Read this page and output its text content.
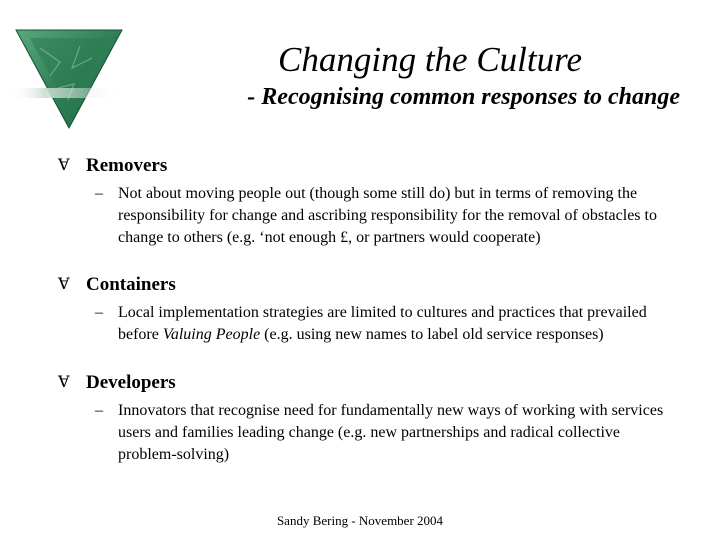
Changing the Culture
- Recognising common responses to change
Ɐ Removers
– Not about moving people out (though some still do) but in terms of removing the responsibility for change and ascribing responsibility for the removal of obstacles to change to others (e.g. ‘not enough £, or partners would cooperate)
Ɐ Containers
– Local implementation strategies are limited to cultures and practices that prevailed before Valuing People (e.g. using new names to label old service responses)
Ɐ Developers
– Innovators that recognise need for fundamentally new ways of working with services users and families leading change (e.g. new partnerships and radical collective problem-solving)
Sandy Bering - November 2004
